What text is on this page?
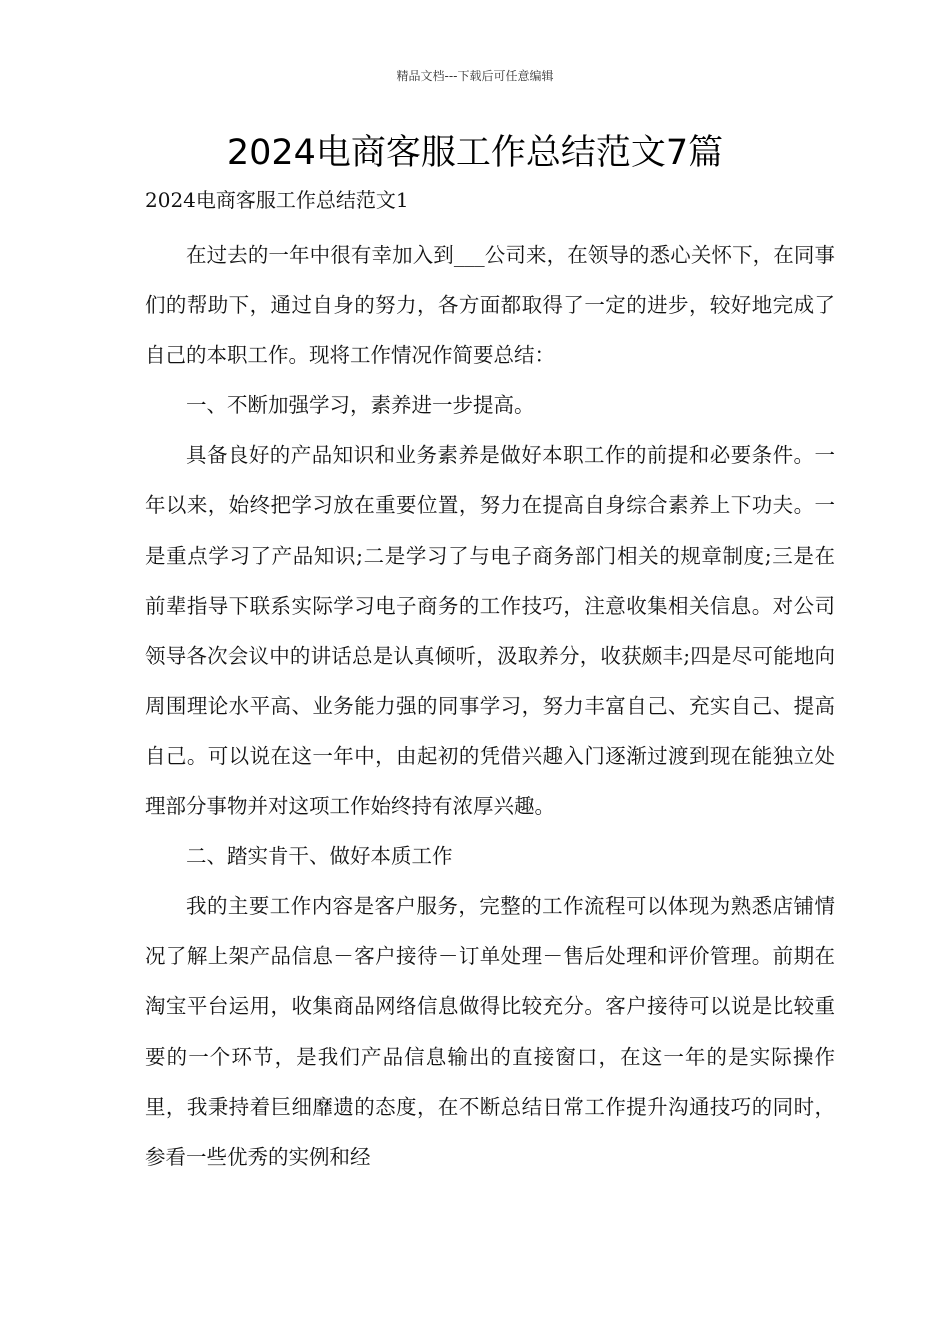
精品文档---下载后可任意编辑
2024电商客服工作总结范文7篇
2024电商客服工作总结范文1

在过去的一年中很有幸加入到___公司来，在领导的悉心关怀下，在同事们的帮助下，通过自身的努力，各方面都取得了一定的进步，较好地完成了自己的本职工作。现将工作情况作简要总结：

一、不断加强学习，素养进一步提高。

具备良好的产品知识和业务素养是做好本职工作的前提和必要条件。一年以来，始终把学习放在重要位置，努力在提高自身综合素养上下功夫。一是重点学习了产品知识;二是学习了与电子商务部门相关的规章制度;三是在前辈指导下联系实际学习电子商务的工作技巧，注意收集相关信息。对公司领导各次会议中的讲话总是认真倾听，汲取养分，收获颇丰;四是尽可能地向周围理论水平高、业务能力强的同事学习，努力丰富自己、充实自己、提高自己。可以说在这一年中，由起初的凭借兴趣入门逐渐过渡到现在能独立处理部分事物并对这项工作始终持有浓厚兴趣。

二、踏实肯干、做好本质工作

我的主要工作内容是客户服务，完整的工作流程可以体现为熟悉店铺情况了解上架产品信息－客户接待－订单处理－售后处理和评价管理。前期在淘宝平台运用，收集商品网络信息做得比较充分。客户接待可以说是比较重要的一个环节，是我们产品信息输出的直接窗口，在这一年的是实际操作里，我秉持着巨细靡遗的态度，在不断总结日常工作提升沟通技巧的同时，参看一些优秀的实例和经
